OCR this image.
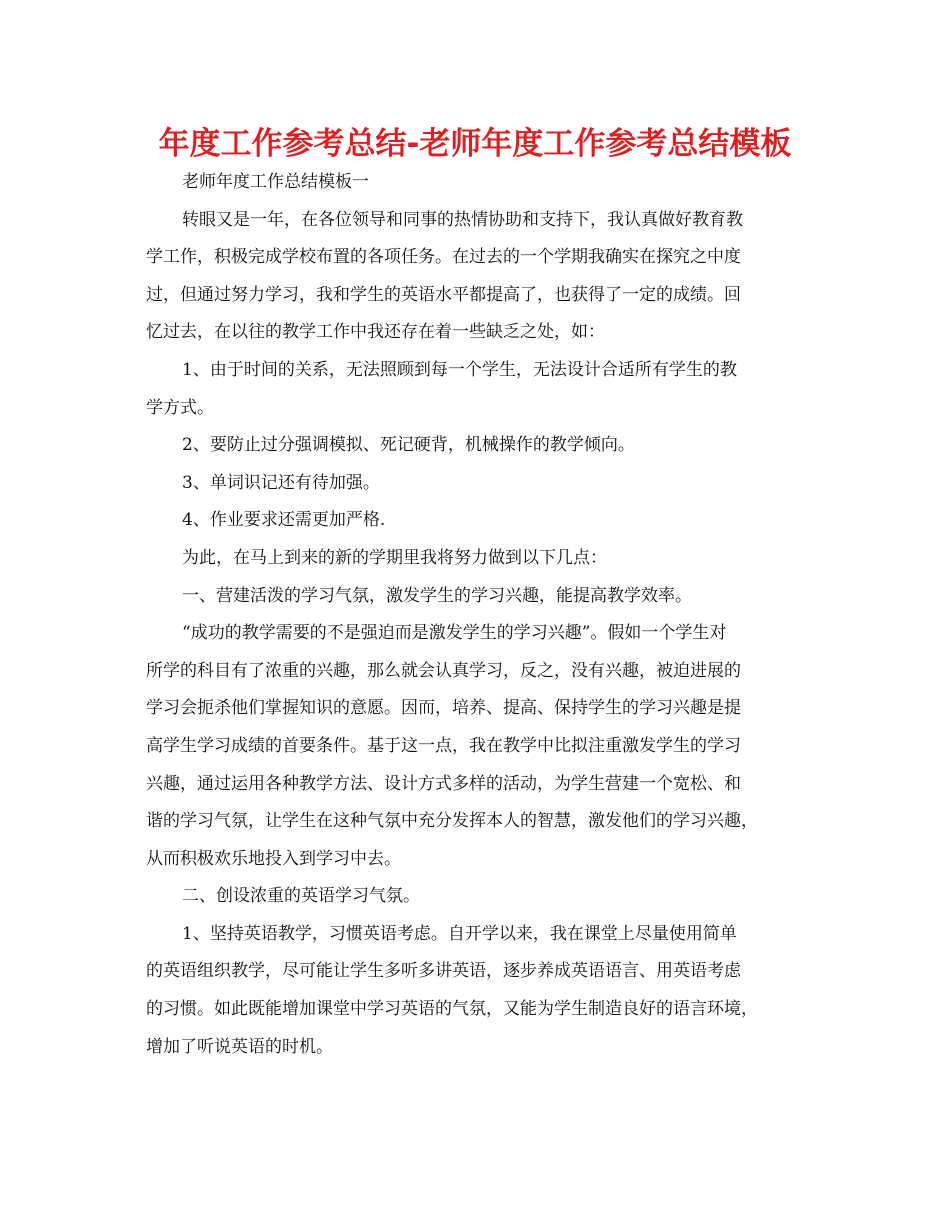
年度工作参考总结-老师年度工作参考总结模板
老师年度工作总结模板一
转眼又是一年，在各位领导和同事的热情协助和支持下，我认真做好教育教
学工作，积极完成学校布置的各项任务。在过去的一个学期我确实在探究之中度
过，但通过努力学习，我和学生的英语水平都提高了，也获得了一定的成绩。回
忆过去，在以往的教学工作中我还存在着一些缺乏之处，如：
1、由于时间的关系，无法照顾到每一个学生，无法设计合适所有学生的教
学方式。
2、要防止过分强调模拟、死记硬背，机械操作的教学倾向。
3、单词识记还有待加强。
4、作业要求还需更加严格.
为此，在马上到来的新的学期里我将努力做到以下几点：
一、营建活泼的学习气氛，激发学生的学习兴趣，能提高教学效率。
“成功的教学需要的不是强迫而是激发学生的学习兴趣”。假如一个学生对
所学的科目有了浓重的兴趣，那么就会认真学习，反之，没有兴趣，被迫进展的
学习会扼杀他们掌握知识的意愿。因而，培养、提高、保持学生的学习兴趣是提
高学生学习成绩的首要条件。基于这一点，我在教学中比拟注重激发学生的学习
兴趣，通过运用各种教学方法、设计方式多样的活动，为学生营建一个宽松、和
谐的学习气氛，让学生在这种气氛中充分发挥本人的智慧，激发他们的学习兴趣，
从而积极欢乐地投入到学习中去。
二、创设浓重的英语学习气氛。
1、坚持英语教学，习惯英语考虑。自开学以来，我在课堂上尽量使用简单
的英语组织教学，尽可能让学生多听多讲英语，逐步养成英语语言、用英语考虑
的习惯。如此既能增加课堂中学习英语的气氛，又能为学生制造良好的语言环境，
增加了听说英语的时机。
